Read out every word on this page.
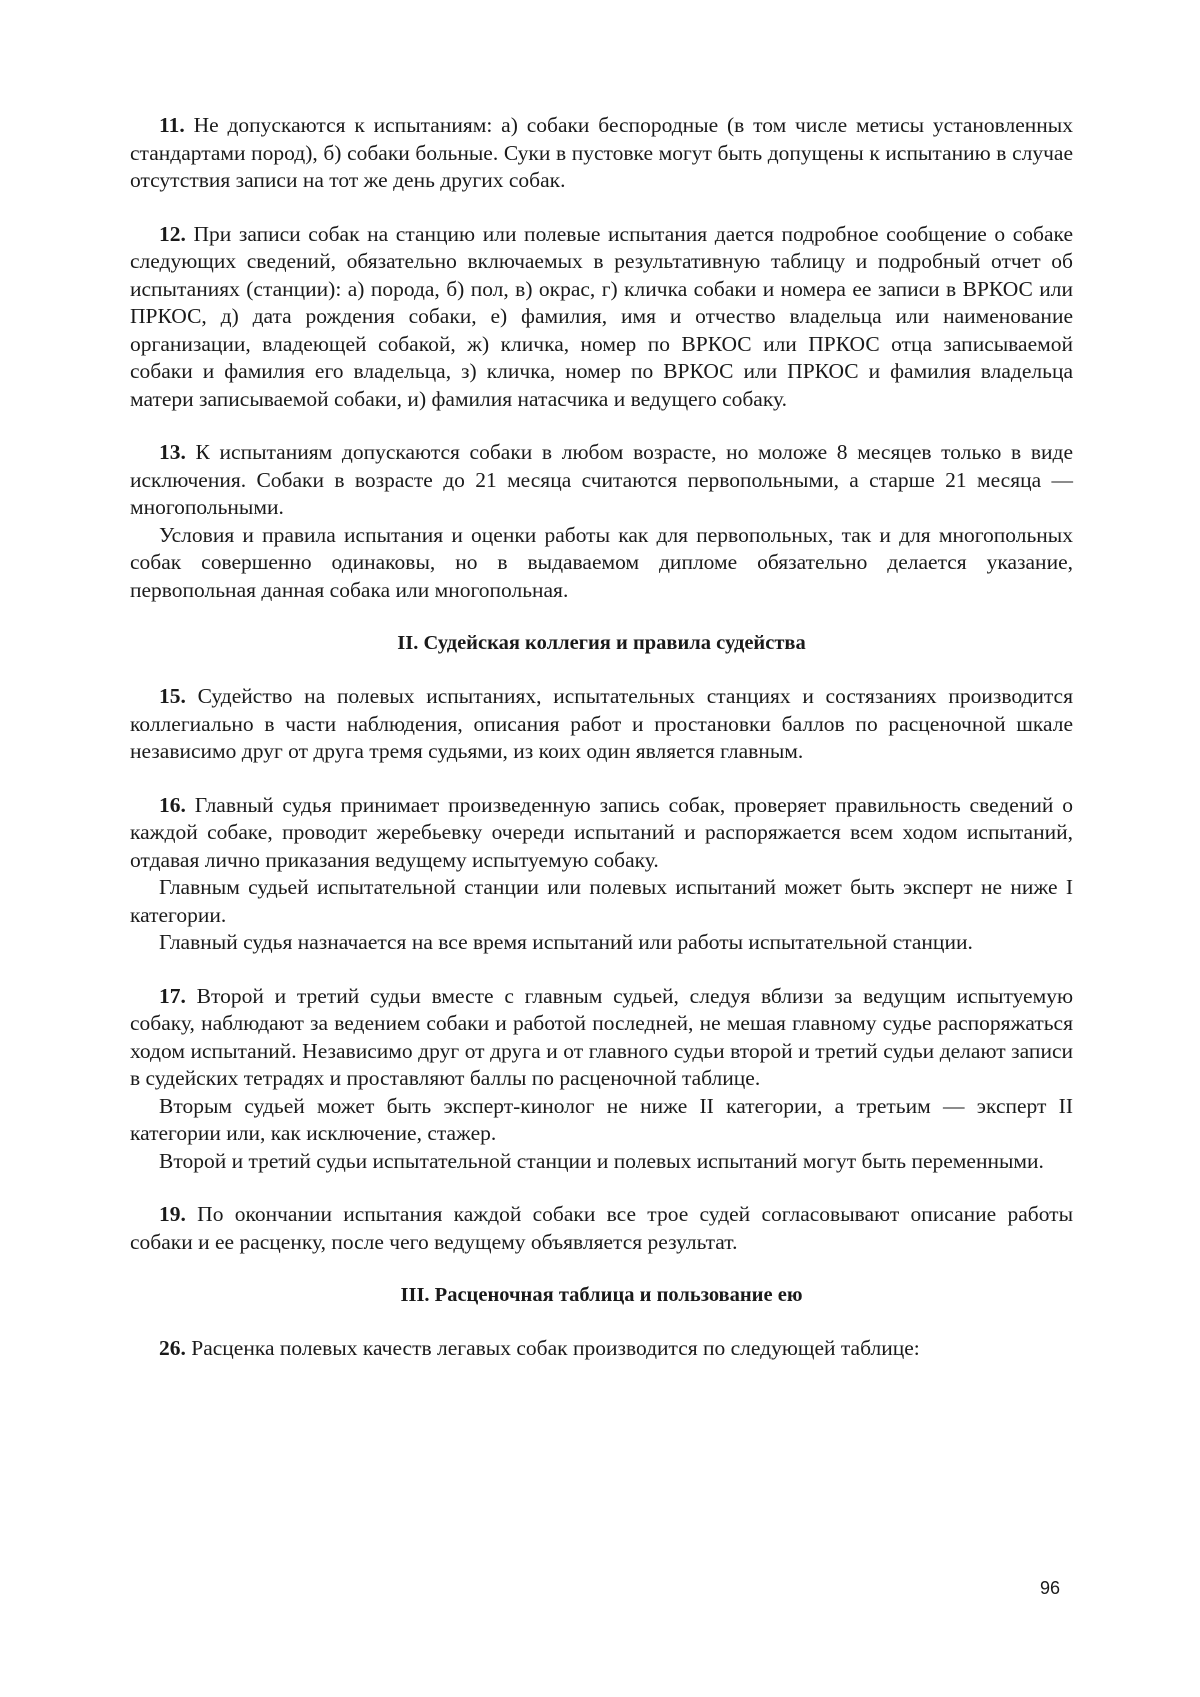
11. Не допускаются к испытаниям: а) собаки беспородные (в том числе метисы установленных стандартами пород), б) собаки больные. Суки в пустовке могут быть допущены к испытанию в случае отсутствия записи на тот же день других собак.

12. При записи собак на станцию или полевые испытания дается подробное сообщение о собаке следующих сведений, обязательно включаемых в результативную таблицу и подробный отчет об испытаниях (станции): а) порода, б) пол, в) окрас, г) кличка собаки и номера ее записи в ВРКОС или ПРКОС, д) дата рождения собаки, е) фамилия, имя и отчество владельца или наименование организации, владеющей собакой, ж) кличка, номер по ВРКОС или ПРКОС отца записываемой собаки и фамилия его владельца, з) кличка, номер по ВРКОС или ПРКОС и фамилия владельца матери записываемой собаки, и) фамилия натасчика и ведущего собаку.

13. К испытаниям допускаются собаки в любом возрасте, но моложе 8 месяцев только в виде исключения. Собаки в возрасте до 21 месяца считаются первопольными, а старше 21 месяца — многопольными.

Условия и правила испытания и оценки работы как для первопольных, так и для многопольных собак совершенно одинаковы, но в выдаваемом дипломе обязательно делается указание, первопольная данная собака или многопольная.

II. Судейская коллегия и правила судейства

15. Судейство на полевых испытаниях, испытательных станциях и состязаниях производится коллегиально в части наблюдения, описания работ и простановки баллов по расценочной шкале независимо друг от друга тремя судьями, из коих один является главным.

16. Главный судья принимает произведенную запись собак, проверяет правильность сведений о каждой собаке, проводит жеребьевку очереди испытаний и распоряжается всем ходом испытаний, отдавая лично приказания ведущему испытуемую собаку.

Главным судьей испытательной станции или полевых испытаний может быть эксперт не ниже I категории.

Главный судья назначается на все время испытаний или работы испытательной станции.

17. Второй и третий судьи вместе с главным судьей, следуя вблизи за ведущим испытуемую собаку, наблюдают за ведением собаки и работой последней, не мешая главному судье распоряжаться ходом испытаний. Независимо друг от друга и от главного судьи второй и третий судьи делают записи в судейских тетрадях и проставляют баллы по расценочной таблице.

Вторым судьей может быть эксперт-кинолог не ниже II категории, а третьим — эксперт II категории или, как исключение, стажер.

Второй и третий судьи испытательной станции и полевых испытаний могут быть переменными.

19. По окончании испытания каждой собаки все трое судей согласовывают описание работы собаки и ее расценку, после чего ведущему объявляется результат.

III. Расценочная таблица и пользование ею

26. Расценка полевых качеств легавых собак производится по следующей таблице:

96
